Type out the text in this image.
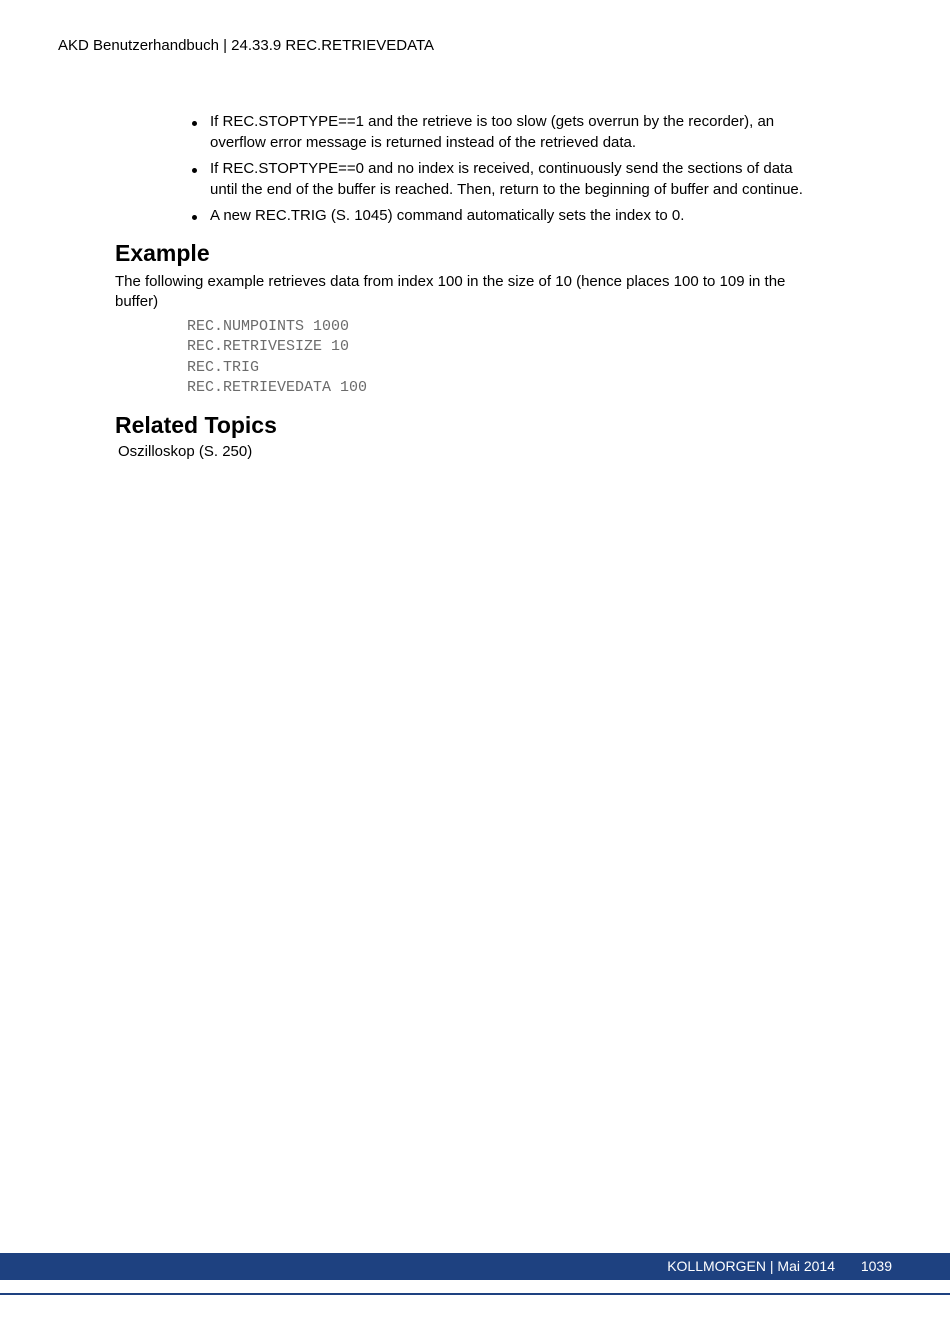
AKD Benutzerhandbuch | 24.33.9 REC.RETRIEVEDATA
If REC.STOPTYPE==1 and the retrieve is too slow (gets overrun by the recorder), an overflow error message is returned instead of the retrieved data.
If REC.STOPTYPE==0 and no index is received, continuously send the sections of data until the end of the buffer is reached. Then, return to the beginning of buffer and continue.
A new REC.TRIG (S. 1045) command automatically sets the index to 0.
Example
The following example retrieves data from index 100 in the size of 10 (hence places 100 to 109 in the buffer)
REC.NUMPOINTS 1000
REC.RETRIVESIZE 10
REC.TRIG
REC.RETRIEVEDATA 100
Related Topics
Oszilloskop (S. 250)
KOLLMORGEN | Mai 2014 1039
